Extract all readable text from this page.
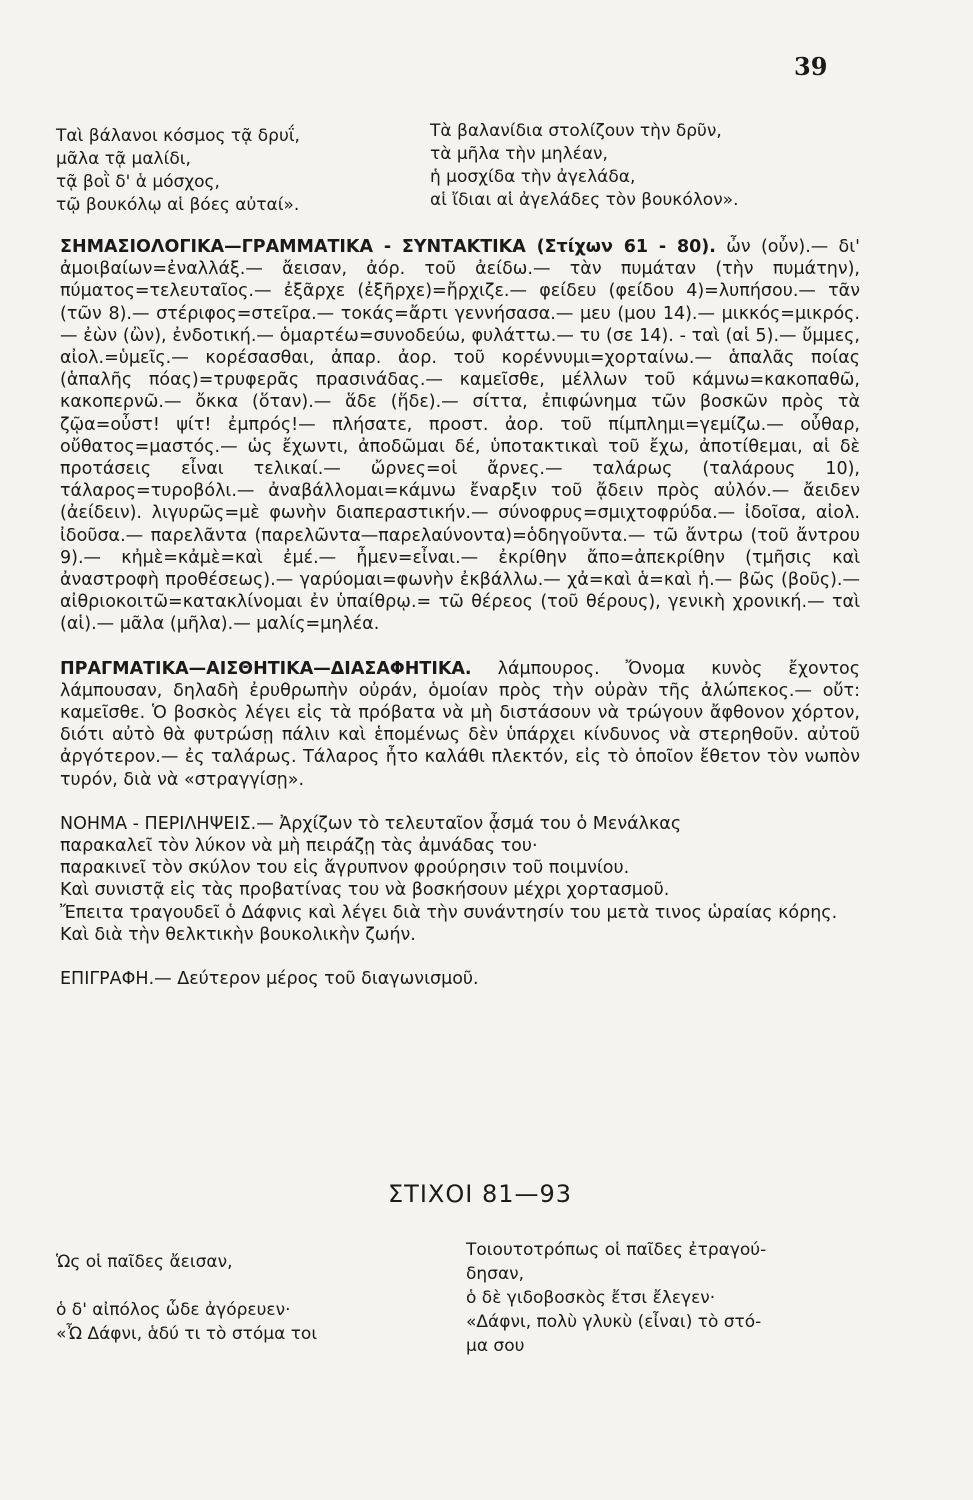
39
Ταὶ βάλανοι κόσμος τᾷ δρυΐ,
μᾶλα τᾷ μαλίδι,
τᾷ βοῒ δ' ἁ μόσχος,
τῷ βουκόλῳ αἱ βόες αὐταί».
Τὰ βαλανίδια στολίζουν τὴν δρῦν,
τὰ μῆλα τὴν μηλέαν,
ἡ μοσχίδα τὴν ἀγελάδα,
αἱ ἴδιαι αἱ ἀγελάδες τὸν βουκόλον».

ΣΗΜΑΣΙΟΛΟΓΙΚΑ—ΓΡΑΜΜΑΤΙΚΑ - ΣΥΝΤΑΚΤΙΚΑ (Στίχων 61 - 80). ὦν (οὖν).— δι' ἀμοιβαίων=ἐναλλάξ.— ἄεισαν, ἀόρ. τοῦ ἀείδω.— τὰν πυμάταν (τὴν πυμάτην), πύματος=τελευταῖος.— ἐξᾶρχε (ἐξῆρχε)=ἤρχιζε.— φείδευ (φείδου 4)=λυπήσου.— τᾶν (τῶν 8).— στέριφος=στεῖρα.— τοκάς=ἄρτι γεννήσασα.— μευ (μου 14).— μικκός=μικρός.— ἐὼν (ὢν), ἐνδοτική.— ὁμαρτέω=συνοδεύω, φυλάττω.— τυ (σε 14). - ταὶ (αἱ 5).— ὔμμες, αἰολ.=ὑμεῖς.— κορέσασθαι, ἀπαρ. ἀορ. τοῦ κορέννυμι=χορταίνω.— ἁπαλᾶς ποίας (ἁπαλῆς πόας)=τρυφερᾶς πρασινάδας.— καμεῖσθε, μέλλων τοῦ κάμνω=κακοπαθῶ, κακοπερνῶ.— ὄκκα (ὅταν).— ἅδε (ἥδε).— σίττα, ἐπιφώνημα τῶν βοσκῶν πρὸς τὰ ζῷα=οὖστ! ψίτ! ἐμπρός!— πλήσατε, προστ. ἀορ. τοῦ πίμπλημι=γεμίζω.— οὖθαρ, οὔθατος=μαστός.— ὡς ἔχωντι, ἀποδῶμαι δέ, ὑποτακτικαὶ τοῦ ἔχω, ἀποτίθεμαι, αἱ δὲ προτάσεις εἶναι τελικαί.— ὤρνες=οἱ ἄρνες.— ταλάρως (ταλάρους 10), τάλαρος=τυροβόλι.— ἀναβάλλομαι=κάμνω ἔναρξιν τοῦ ᾄδειν πρὸς αὐλόν.— ἄειδεν (ἀείδειν). λιγυρῶς=μὲ φωνὴν διαπεραστικήν.— σύνοφρυς=σμιχτοφρύδα.— ἰδοῖσα, αἰολ. ἰδοῦσα.— παρελᾶντα (παρελῶντα—παρελαύνοντα)=ὁδηγοῦντα.— τῶ ἄντρω (τοῦ ἄντρου 9).— κἠμὲ=κἀμὲ=καὶ ἐμέ.— ἦμεν=εἶναι.— ἐκρίθην ἄπο=ἀπεκρίθην (τμῆσις καὶ ἀναστροφὴ προθέσεως).— γαρύομαι=φωνὴν ἐκβάλλω.— χἀ=καὶ ἁ=καὶ ἡ.— βῶς (βοῦς).— αἰθριοκοιτῶ=κατακλίνομαι ἐν ὑπαίθρῳ.= τῶ θέρεος (τοῦ θέρους), γενικὴ χρονική.— ταὶ (αἱ).— μᾶλα (μῆλα).— μαλίς=μηλέα.

ΠΡΑΓΜΑΤΙΚΑ—ΑΙΣΘΗΤΙΚΑ—ΔΙΑΣΑΦΗΤΙΚΑ. λάμπουρος. Ὄνομα κυνὸς ἔχοντος λάμπουσαν, δηλαδὴ ἐρυθρωπὴν οὐράν, ὁμοίαν πρὸς τὴν οὐρὰν τῆς ἀλώπεκος.— οὔτ: καμεῖσθε. Ὁ βοσκὸς λέγει εἰς τὰ πρόβατα νὰ μὴ διστάσουν νὰ τρώγουν ἄφθονον χόρτον, διότι αὐτὸ θὰ φυτρώσῃ πάλιν καὶ ἑπομένως δὲν ὑπάρχει κίνδυνος νὰ στερηθοῦν. αὐτοῦ ἀργότερον.— ἐς ταλάρως. Τάλαρος ἦτο καλάθι πλεκτόν, εἰς τὸ ὁποῖον ἔθετον τὸν νωπὸν τυρόν, διὰ νὰ «στραγγίσῃ».

ΝΟΗΜΑ - ΠΕΡΙΛΗΨΕΙΣ.— Ἀρχίζων τὸ τελευταῖον ᾆσμά του ὁ Μενάλκας
παρακαλεῖ τὸν λύκον νὰ μὴ πειράζῃ τὰς ἀμνάδας του·
παρακινεῖ τὸν σκύλον του εἰς ἄγρυπνον φρούρησιν τοῦ ποιμνίου.
Καὶ συνιστᾷ εἰς τὰς προβατίνας του νὰ βοσκήσουν μέχρι χορτασμοῦ.
Ἔπειτα τραγουδεῖ ὁ Δάφνις καὶ λέγει διὰ τὴν συνάντησίν του μετὰ τινος ὡραίας κόρης.
Καὶ διὰ τὴν θελκτικὴν βουκολικὴν ζωήν.

ΕΠΙΓΡΑΦΗ.— Δεύτερον μέρος τοῦ διαγωνισμοῦ.

ΣΤΙΧΟΙ 81—93
Ὡς οἱ παῖδες ἄεισαν,

ὁ δ' αἰπόλος ὧδε ἀγόρευεν·
«Ὦ Δάφνι, ἁδύ τι τὸ στόμα τοι
Τοιουτοτρόπως οἱ παῖδες ἐτραγού-
δησαν,
ὁ δὲ γιδοβοσκὸς ἔτσι ἔλεγεν·
«Δάφνι, πολὺ γλυκὺ (εἶναι) τὸ στό-
μα σου
